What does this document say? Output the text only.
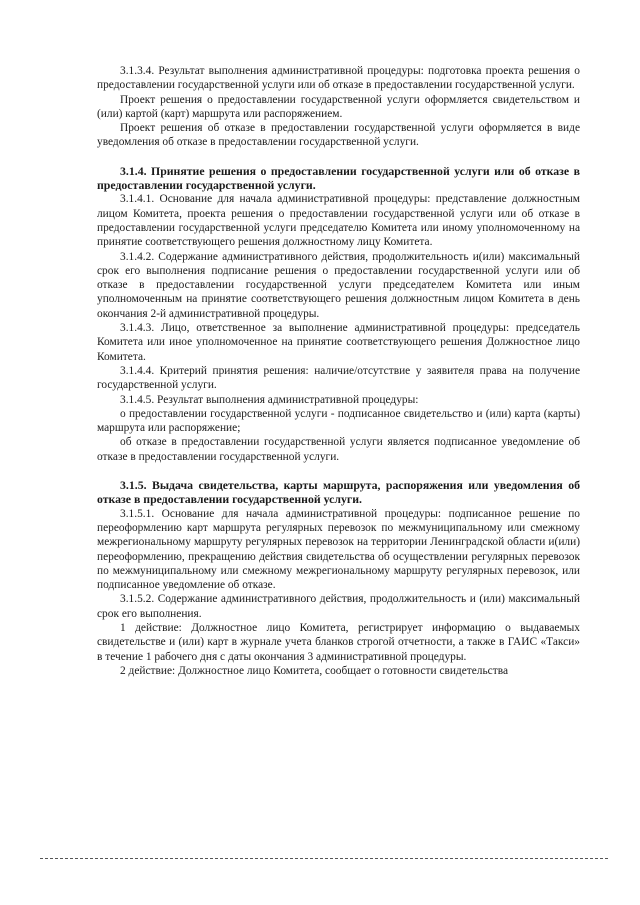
3.1.3.4. Результат выполнения административной процедуры: подготовка проекта решения о предоставлении государственной услуги или об отказе в предоставлении государственной услуги.

Проект решения о предоставлении государственной услуги оформляется свидетельством и (или) картой (карт) маршрута или распоряжением.

Проект решения об отказе в предоставлении государственной услуги оформляется в виде уведомления об отказе в предоставлении государственной услуги.

3.1.4. Принятие решения о предоставлении государственной услуги или об отказе в предоставлении государственной услуги.

3.1.4.1. Основание для начала административной процедуры: представление должностным лицом Комитета, проекта решения о предоставлении государственной услуги или об отказе в предоставлении государственной услуги председателю Комитета или иному уполномоченному на принятие соответствующего решения должностному лицу Комитета.

3.1.4.2. Содержание административного действия, продолжительность и(или) максимальный срок его выполнения подписание решения о предоставлении государственной услуги или об отказе в предоставлении государственной услуги председателем Комитета или иным уполномоченным на принятие соответствующего решения должностным лицом Комитета в день окончания 2-й административной процедуры.

3.1.4.3. Лицо, ответственное за выполнение административной процедуры: председатель Комитета или иное уполномоченное на принятие соответствующего решения Должностное лицо Комитета.

3.1.4.4. Критерий принятия решения: наличие/отсутствие у заявителя права на получение государственной услуги.

3.1.4.5. Результат выполнения административной процедуры:

о предоставлении государственной услуги - подписанное свидетельство и (или) карта (карты) маршрута или распоряжение;

об отказе в предоставлении государственной услуги является подписанное уведомление об отказе в предоставлении государственной услуги.

3.1.5. Выдача свидетельства, карты маршрута, распоряжения или уведомления об отказе в предоставлении государственной услуги.

3.1.5.1. Основание для начала административной процедуры: подписанное решение по переоформлению карт маршрута регулярных перевозок по межмуниципальному или смежному межрегиональному маршруту регулярных перевозок на территории Ленинградской области и(или) переоформлению, прекращению действия свидетельства об осуществлении регулярных перевозок по межмуниципальному или смежному межрегиональному маршруту регулярных перевозок, или подписанное уведомление об отказе.

3.1.5.2. Содержание административного действия, продолжительность и (или) максимальный срок его выполнения.

1 действие: Должностное лицо Комитета, регистрирует информацию о выдаваемых свидетельстве и (или) карт в журнале учета бланков строгой отчетности, а также в ГАИС «Такси» в течение 1 рабочего дня с даты окончания 3 административной процедуры.

2 действие: Должностное лицо Комитета, сообщает о готовности свидетельства
